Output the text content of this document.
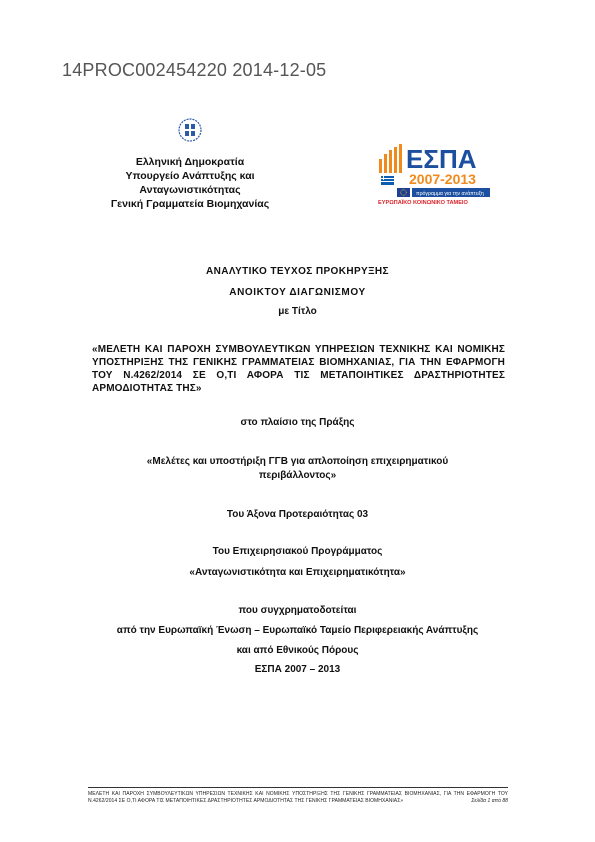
14PROC002454220 2014-12-05
Ελληνική Δημοκρατία
Υπουργείο Ανάπτυξης και
Ανταγωνιστικότητας
Γενική Γραμματεία Βιομηχανίας
ΕΣΠΑ
2007-2013
πρόγραμμα για την ανάπτυξη
ΕΥΡΩΠΑΪΚΟ ΚΟΙΝΩΝΙΚΟ ΤΑΜΕΙΟ
ΑΝΑΛΥΤΙΚΟ ΤΕΥΧΟΣ ΠΡΟΚΗΡΥΞΗΣ
ΑΝΟΙΚΤΟΥ ΔΙΑΓΩΝΙΣΜΟΥ
με Τίτλο
«ΜΕΛΕΤΗ ΚΑΙ ΠΑΡΟΧΗ ΣΥΜΒΟΥΛΕΥΤΙΚΩΝ ΥΠΗΡΕΣΙΩΝ ΤΕΧΝΙΚΗΣ ΚΑΙ ΝΟΜΙΚΗΣ ΥΠΟΣΤΗΡΙΞΗΣ ΤΗΣ ΓΕΝΙΚΗΣ ΓΡΑΜΜΑΤΕΙΑΣ ΒΙΟΜΗΧΑΝΙΑΣ, ΓΙΑ ΤΗΝ ΕΦΑΡΜΟΓΗ ΤΟΥ Ν.4262/2014 ΣΕ Ο,ΤΙ ΑΦΟΡΑ ΤΙΣ ΜΕΤΑΠΟΙΗΤΙΚΕΣ ΔΡΑΣΤΗΡΙΟΤΗΤΕΣ ΑΡΜΟΔΙΟΤΗΤΑΣ ΤΗΣ»
στο πλαίσιο της Πράξης
«Μελέτες και υποστήριξη ΓΓΒ για απλοποίηση επιχειρηματικού περιβάλλοντος»
Του Άξονα Προτεραιότητας 03
Του Επιχειρησιακού Προγράμματος
«Ανταγωνιστικότητα και Επιχειρηματικότητα»
που συγχρηματοδοτείται
από την Ευρωπαϊκή Ένωση – Ευρωπαϊκό Ταμείο Περιφερειακής Ανάπτυξης
και από Εθνικούς Πόρους
ΕΣΠΑ 2007 – 2013
ΜΕΛΕΤΗ ΚΑΙ ΠΑΡΟΧΗ ΣΥΜΒΟΥΛΕΥΤΙΚΩΝ ΥΠΗΡΕΣΙΩΝ ΤΕΧΝΙΚΗΣ ΚΑΙ ΝΟΜΙΚΗΣ ΥΠΟΣΤΗΡΙΞΗΣ ΤΗΣ ΓΕΝΙΚΗΣ ΓΡΑΜΜΑΤΕΙΑΣ ΒΙΟΜΗΧΑΝΙΑΣ, ΓΙΑ ΤΗΝ ΕΦΑΡΜΟΓΗ ΤΟΥ Ν.4262/2014 ΣΕ Ο,ΤΙ ΑΦΟΡΑ ΤΙΣ ΜΕΤΑΠΟΙΗΤΙΚΕΣ ΔΡΑΣΤΗΡΙΟΤΗΤΕΣ ΑΡΜΟΔΙΟΤΗΤΑΣ ΤΗΣ ΓΕΝΙΚΗΣ ΓΡΑΜΜΑΤΕΙΑΣ ΒΙΟΜΗΧΑΝΙΑΣ»	Σελίδα 1 από 88
